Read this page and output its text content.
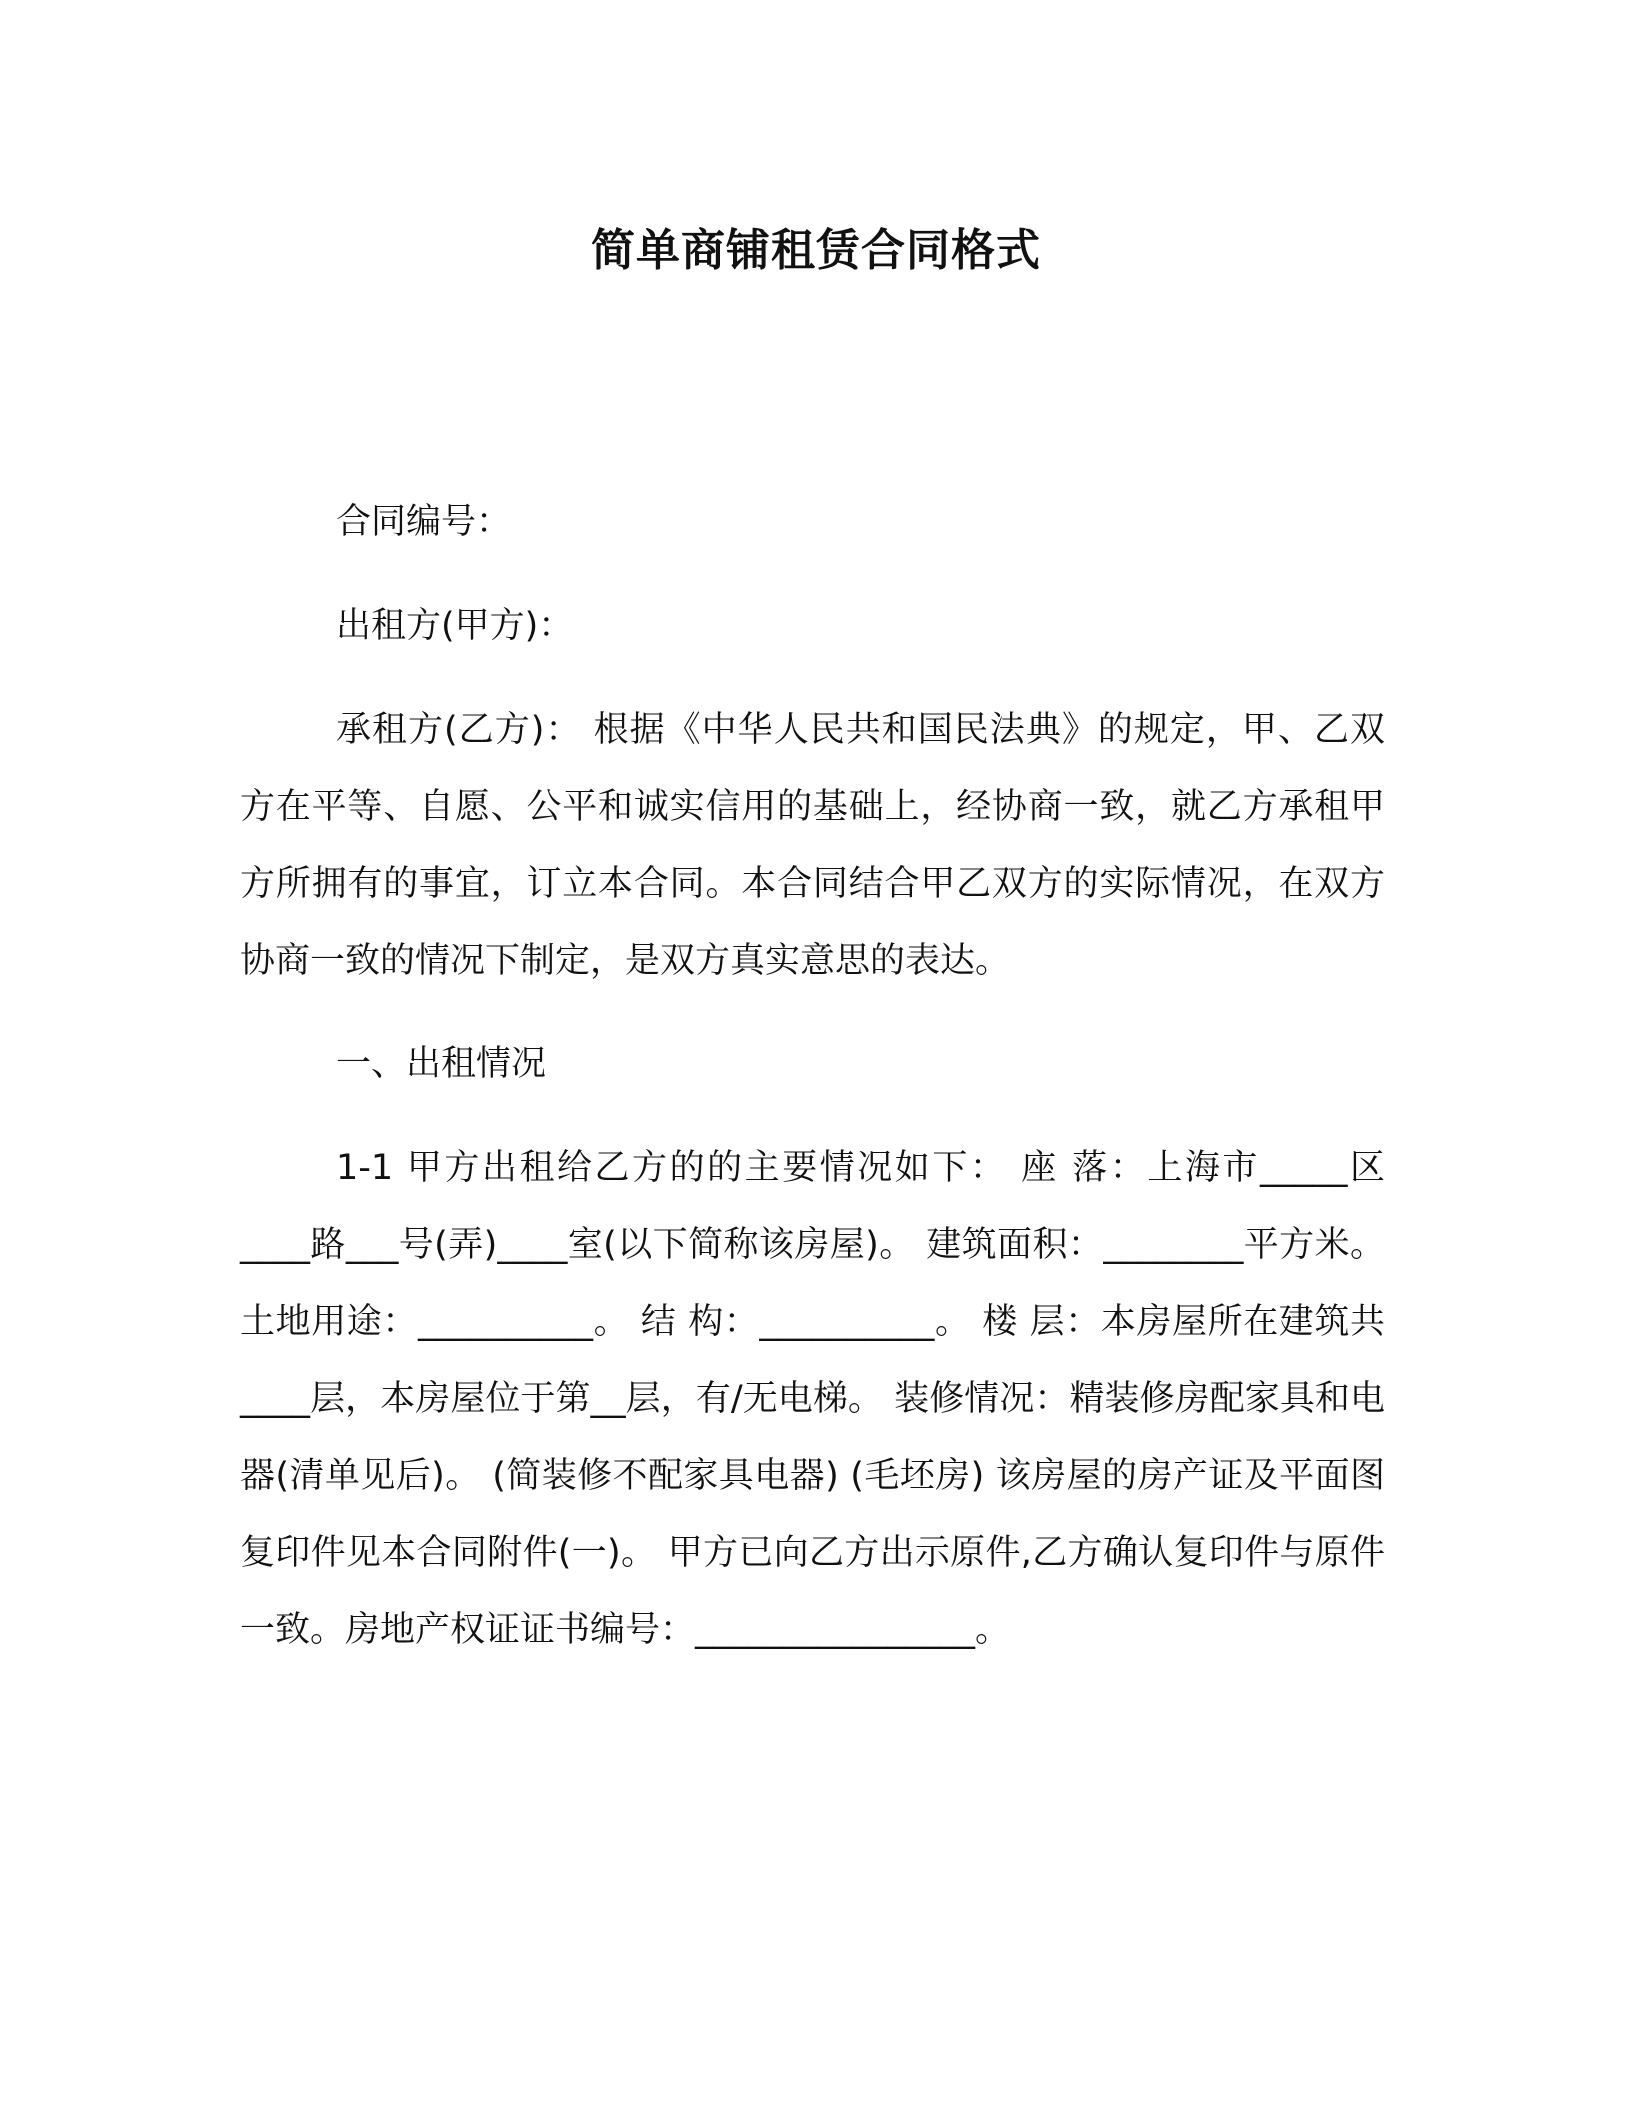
简单商铺租赁合同格式

合同编号：

出租方(甲方)：

承租方(乙方)： 根据《中华人民共和国民法典》的规定，甲、乙双方在平等、自愿、公平和诚实信用的基础上，经协商一致，就乙方承租甲方所拥有的事宜，订立本合同。本合同结合甲乙双方的实际情况，在双方协商一致的情况下制定，是双方真实意思的表达。

一、出租情况

1-1 甲方出租给乙方的的主要情况如下： 座 落：上海市_____区____路___号(弄)____室(以下简称该房屋)。 建筑面积：________平方米。 土地用途：__________。 结 构：__________。 楼 层：本房屋所在建筑共____层，本房屋位于第__层，有/无电梯。 装修情况：精装修房配家具和电器(清单见后)。 (简装修不配家具电器) (毛坯房) 该房屋的房产证及平面图复印件见本合同附件(一)。 甲方已向乙方出示原件,乙方确认复印件与原件一致。房地产权证证书编号：________________。
